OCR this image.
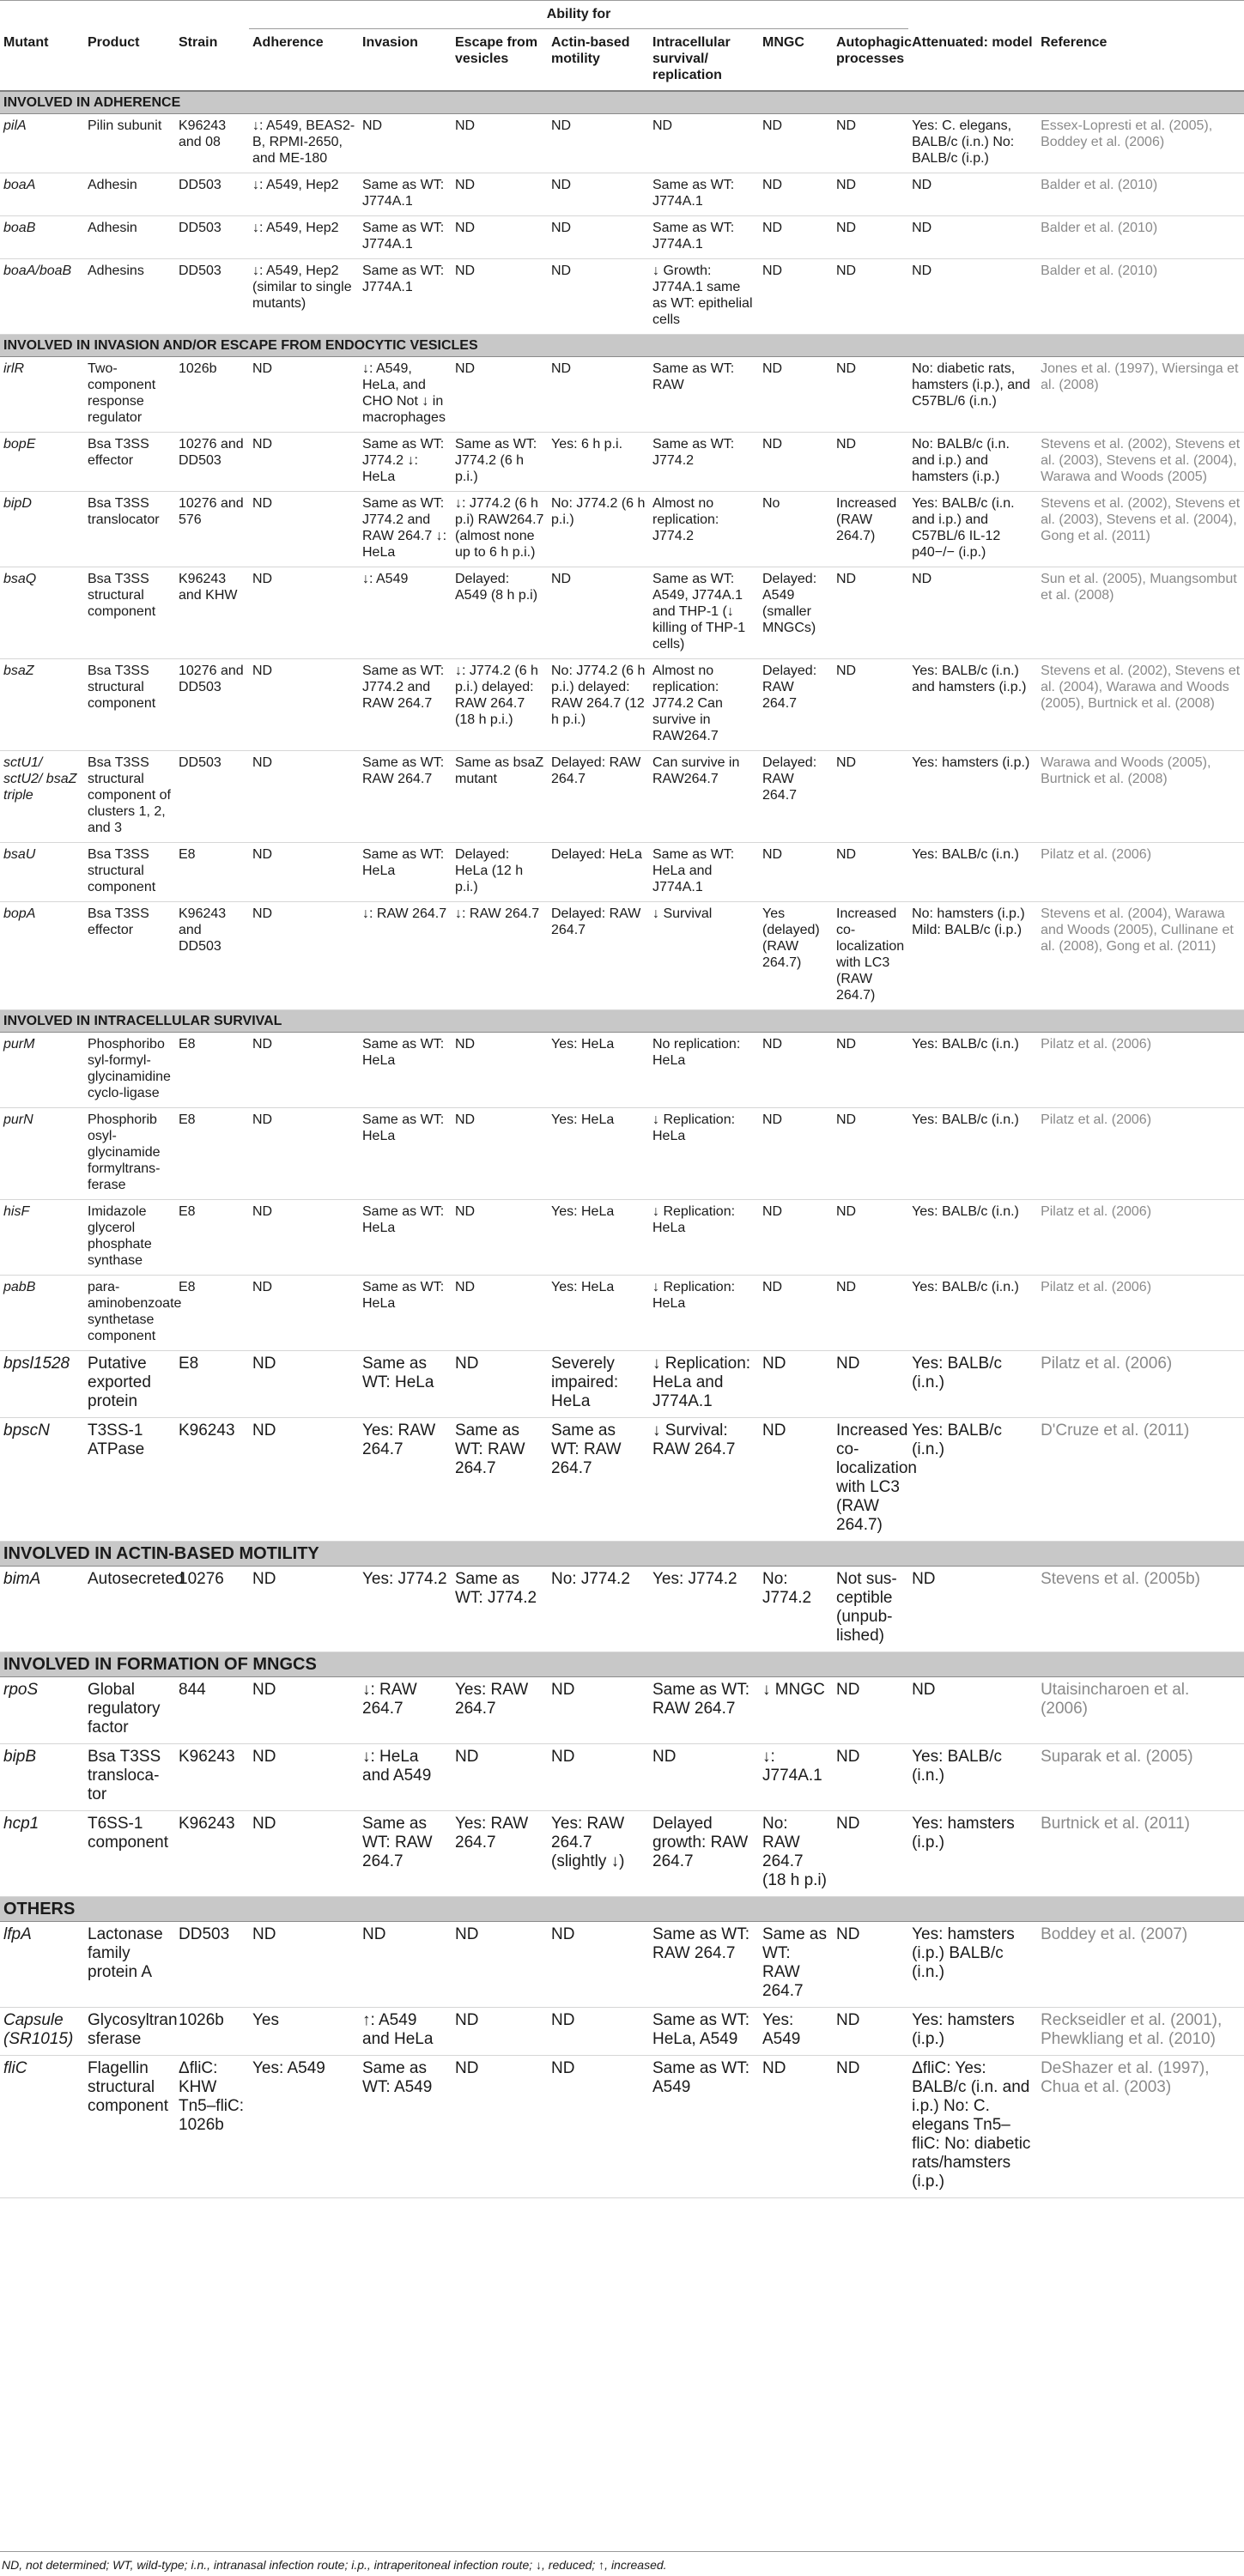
			Ability for								
Mutant	Product	Strain	Adherence	Invasion	Escape from vesicles	Actin-based motility	Intracellular survival/ replication	MNGC	Autophagic processes	Attenuated: model	Reference
INVOLVED IN ADHERENCE											
pilA	Pilin subunit	K96243 and 08	↓: A549, BEAS2-B, RPMI-2650, and ME-180	ND	ND	ND	ND	ND	ND	Yes: C. elegans, BALB/c (i.n.) No: BALB/c (i.p.)	Essex-Lopresti et al. (2005), Boddey et al. (2006)
boaA	Adhesin	DD503	↓: A549, Hep2	Same as WT: J774A.1	ND	ND	Same as WT: J774A.1	ND	ND	ND	Balder et al. (2010)
boaB	Adhesin	DD503	↓: A549, Hep2	Same as WT: J774A.1	ND	ND	Same as WT: J774A.1	ND	ND	ND	Balder et al. (2010)
boaA/boaB	Adhesins	DD503	↓: A549, Hep2 (similar to single mutants)	Same as WT: J774A.1	ND	ND	↓ Growth: J774A.1 same as WT: epithelial cells	ND	ND	ND	Balder et al. (2010)
INVOLVED IN INVASION AND/OR ESCAPE FROM ENDOCYTIC VESICLES											
irlR	Two-component response regulator	1026b	ND	↓: A549, HeLa, and CHO Not ↓ in macrophages	ND	ND	Same as WT: RAW	ND	ND	No: diabetic rats, hamsters (i.p.), and C57BL/6 (i.n.)	Jones et al. (1997), Wiersinga et al. (2008)
bopE	Bsa T3SS effector	10276 and DD503	ND	Same as WT: J774.2 ↓: HeLa	Same as WT: J774.2 (6 h p.i.)	Yes: 6 h p.i.	Same as WT: J774.2	ND	ND	No: BALB/c (i.n. and i.p.) and hamsters (i.p.)	Stevens et al. (2002), Stevens et al. (2003), Stevens et al. (2004), Warawa and Woods (2005)
bipD	Bsa T3SS translocator	10276 and 576	ND	Same as WT: J774.2 and RAW 264.7 ↓: HeLa	↓: J774.2 (6 h p.i) RAW264.7 (almost none up to 6 h p.i.)	No: J774.2 (6 h p.i.)	Almost no replication: J774.2	No	Increased (RAW 264.7)	Yes: BALB/c (i.n. and i.p.) and C57BL/6 IL-12 p40−/− (i.p.)	Stevens et al. (2002), Stevens et al. (2003), Stevens et al. (2004), Gong et al. (2011)
bsaQ	Bsa T3SS structural component	K96243 and KHW	ND	↓: A549	Delayed: A549 (8 h p.i)	ND	Same as WT: A549, J774A.1 and THP-1 (↓ killing of THP-1 cells)	Delayed: A549 (smaller MNGCs)	ND	ND	Sun et al. (2005), Muangsombut et al. (2008)
bsaZ	Bsa T3SS structural component	10276 and DD503	ND	Same as WT: J774.2 and RAW 264.7	↓: J774.2 (6 h p.i.) delayed: RAW 264.7 (18 h p.i.)	No: J774.2 (6 h p.i.) delayed: RAW 264.7 (12 h p.i.)	Almost no replication: J774.2 Can survive in RAW264.7	Delayed: RAW 264.7	ND	Yes: BALB/c (i.n.) and hamsters (i.p.)	Stevens et al. (2002), Stevens et al. (2004), Warawa and Woods (2005), Burtnick et al. (2008)
sctU1/ sctU2/ bsaZ triple	Bsa T3SS structural component of clusters 1, 2, and 3	DD503	ND	Same as WT: RAW 264.7	Same as bsaZ mutant	Delayed: RAW 264.7	Can survive in RAW264.7	Delayed: RAW 264.7	ND	Yes: hamsters (i.p.)	Warawa and Woods (2005), Burtnick et al. (2008)
bsaU	Bsa T3SS structural component	E8	ND	Same as WT: HeLa	Delayed: HeLa (12 h p.i.)	Delayed: HeLa	Same as WT: HeLa and J774A.1	ND	ND	Yes: BALB/c (i.n.)	Pilatz et al. (2006)
bopA	Bsa T3SS effector	K96243 and DD503	ND	↓: RAW 264.7	↓: RAW 264.7	Delayed: RAW 264.7	↓ Survival	Yes (delayed) (RAW 264.7)	Increased co-localization with LC3 (RAW 264.7)	No: hamsters (i.p.) Mild: BALB/c (i.p.)	Stevens et al. (2004), Warawa and Woods (2005), Cullinane et al. (2008), Gong et al. (2011)
INVOLVED IN INTRACELLULAR SURVIVAL											
purM	Phosphoribo syl-formyl-glycinamidine cyclo-ligase	E8	ND	Same as WT: HeLa	ND	Yes: HeLa	No replication: HeLa	ND	ND	Yes: BALB/c (i.n.)	Pilatz et al. (2006)
purN	Phosphorib osyl-glycinamide formyltrans-ferase	E8	ND	Same as WT: HeLa	ND	Yes: HeLa	↓ Replication: HeLa	ND	ND	Yes: BALB/c (i.n.)	Pilatz et al. (2006)
hisF	Imidazole glycerol phosphate synthase	E8	ND	Same as WT: HeLa	ND	Yes: HeLa	↓ Replication: HeLa	ND	ND	Yes: BALB/c (i.n.)	Pilatz et al. (2006)
pabB	para-aminobenzoate synthetase component	E8	ND	Same as WT: HeLa	ND	Yes: HeLa	↓ Replication: HeLa	ND	ND	Yes: BALB/c (i.n.)	Pilatz et al. (2006)
bpsl1528	Putative exported protein	E8	ND	Same as WT: HeLa	ND	Severely impaired: HeLa	↓ Replication: HeLa and J774A.1	ND	ND	Yes: BALB/c (i.n.)	Pilatz et al. (2006)
bpscN	T3SS-1 ATPase	K96243	ND	Yes: RAW 264.7	Same as WT: RAW 264.7	Same as WT: RAW 264.7	↓ Survival: RAW 264.7	ND	Increased co-localization with LC3 (RAW 264.7)	Yes: BALB/c (i.n.)	D'Cruze et al. (2011)
INVOLVED IN ACTIN-BASED MOTILITY											
bimA	Autosecreted	10276	ND	Yes: J774.2	Same as WT: J774.2	No: J774.2	Yes: J774.2	No: J774.2	Not sus-ceptible (unpub-lished)	ND	Stevens et al. (2005b)
INVOLVED IN FORMATION OF MNGCS											
rpoS	Global regulatory factor	844	ND	↓: RAW 264.7	Yes: RAW 264.7	ND	Same as WT: RAW 264.7	↓ MNGC	ND	ND	Utaisincharoen et al. (2006)
bipB	Bsa T3SS transloca-tor	K96243	ND	↓: HeLa and A549	ND	ND	ND	↓: J774A.1	ND	Yes: BALB/c (i.n.)	Suparak et al. (2005)
hcp1	T6SS-1 component	K96243	ND	Same as WT: RAW 264.7	Yes: RAW 264.7	Yes: RAW 264.7 (slightly ↓)	Delayed growth: RAW 264.7	No: RAW 264.7 (18 h p.i)	ND	Yes: hamsters (i.p.)	Burtnick et al. (2011)
OTHERS											
lfpA	Lactonase family protein A	DD503	ND	ND	ND	ND	Same as WT: RAW 264.7	Same as WT: RAW 264.7	ND	Yes: hamsters (i.p.) BALB/c (i.n.)	Boddey et al. (2007)
Capsule (SR1015)	Glycosyltran sferase	1026b	Yes	↑: A549 and HeLa	ND	ND	Same as WT: HeLa, A549	Yes: A549	ND	Yes: hamsters (i.p.)	Reckseidler et al. (2001), Phewkliang et al. (2010)
fliC	Flagellin structural component	ΔfliC: KHW Tn5–fliC: 1026b	Yes: A549	Same as WT: A549	ND	ND	Same as WT: A549	ND	ND	ΔfliC: Yes: BALB/c (i.n. and i.p.) No: C. elegans Tn5–fliC: No: diabetic rats/hamsters (i.p.)	DeShazer et al. (1997), Chua et al. (2003)
ND, not determined; WT, wild-type; i.n., intranasal infection route; i.p., intraperitoneal infection route; ↓, reduced; ↑, increased.
